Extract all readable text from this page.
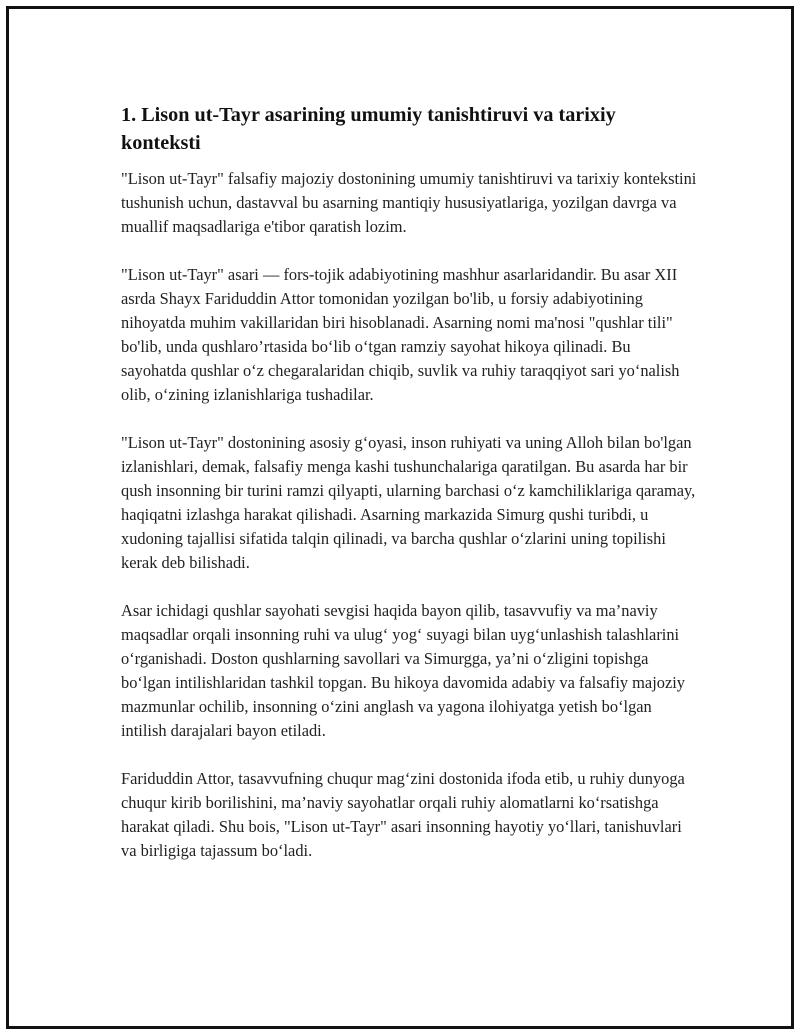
1. Lison ut-Tayr asarining umumiy tanishtiruvi va tarixiy konteksti

"Lison ut-Tayr" falsafiy majoziy dostonining umumiy tanishtiruvi va tarixiy kontekstini tushunish uchun, dastavval bu asarning mantiqiy hususiyatlariga, yozilgan davrga va muallif maqsadlariga e'tibor qaratish lozim.

"Lison ut-Tayr" asari — fors-tojik adabiyotining mashhur asarlaridandir. Bu asar XII asrda Shayx Fariduddin Attor tomonidan yozilgan bo'lib, u forsiy adabiyotining nihoyatda muhim vakillaridan biri hisoblanadi. Asarning nomi ma'nosi "qushlar tili" bo'lib, unda qushlaro’rtasida bo‘lib o‘tgan ramziy sayohat hikoya qilinadi. Bu sayohatda qushlar o‘z chegaralaridan chiqib, suvlik va ruhiy taraqqiyot sari yo‘nalish olib, o‘zining izlanishlariga tushadilar.

"Lison ut-Tayr" dostonining asosiy g‘oyasi, inson ruhiyati va uning Alloh bilan bo'lgan izlanishlari, demak, falsafiy menga kashi tushunchalariga qaratilgan. Bu asarda har bir qush insonning bir turini ramzi qilyapti, ularning barchasi o‘z kamchiliklariga qaramay, haqiqatni izlashga harakat qilishadi. Asarning markazida Simurg qushi turibdi, u xudoning tajallisi sifatida talqin qilinadi, va barcha qushlar o‘zlarini uning topilishi kerak deb bilishadi.

Asar ichidagi qushlar sayohati sevgisi haqida bayon qilib, tasavvufiy va ma’naviy maqsadlar orqali insonning ruhi va ulug‘ yog‘ suyagi bilan uyg‘unlashish talashlarini o‘rganishadi. Doston qushlarning savollari va Simurgga, ya’ni o‘zligini topishga bo‘lgan intilishlaridan tashkil topgan. Bu hikoya davomida adabiy va falsafiy majoziy mazmunlar ochilib, insonning o‘zini anglash va yagona ilohiyatga yetish bo‘lgan intilish darajalari bayon etiladi.

Fariduddin Attor, tasavvufning chuqur mag‘zini dostonida ifoda etib, u ruhiy dunyoga chuqur kirib borilishini, ma’naviy sayohatlar orqali ruhiy alomatlarni ko‘rsatishga harakat qiladi. Shu bois, "Lison ut-Tayr" asari insonning hayotiy yo‘llari, tanishuvlari va birligiga tajassum bo‘ladi.
